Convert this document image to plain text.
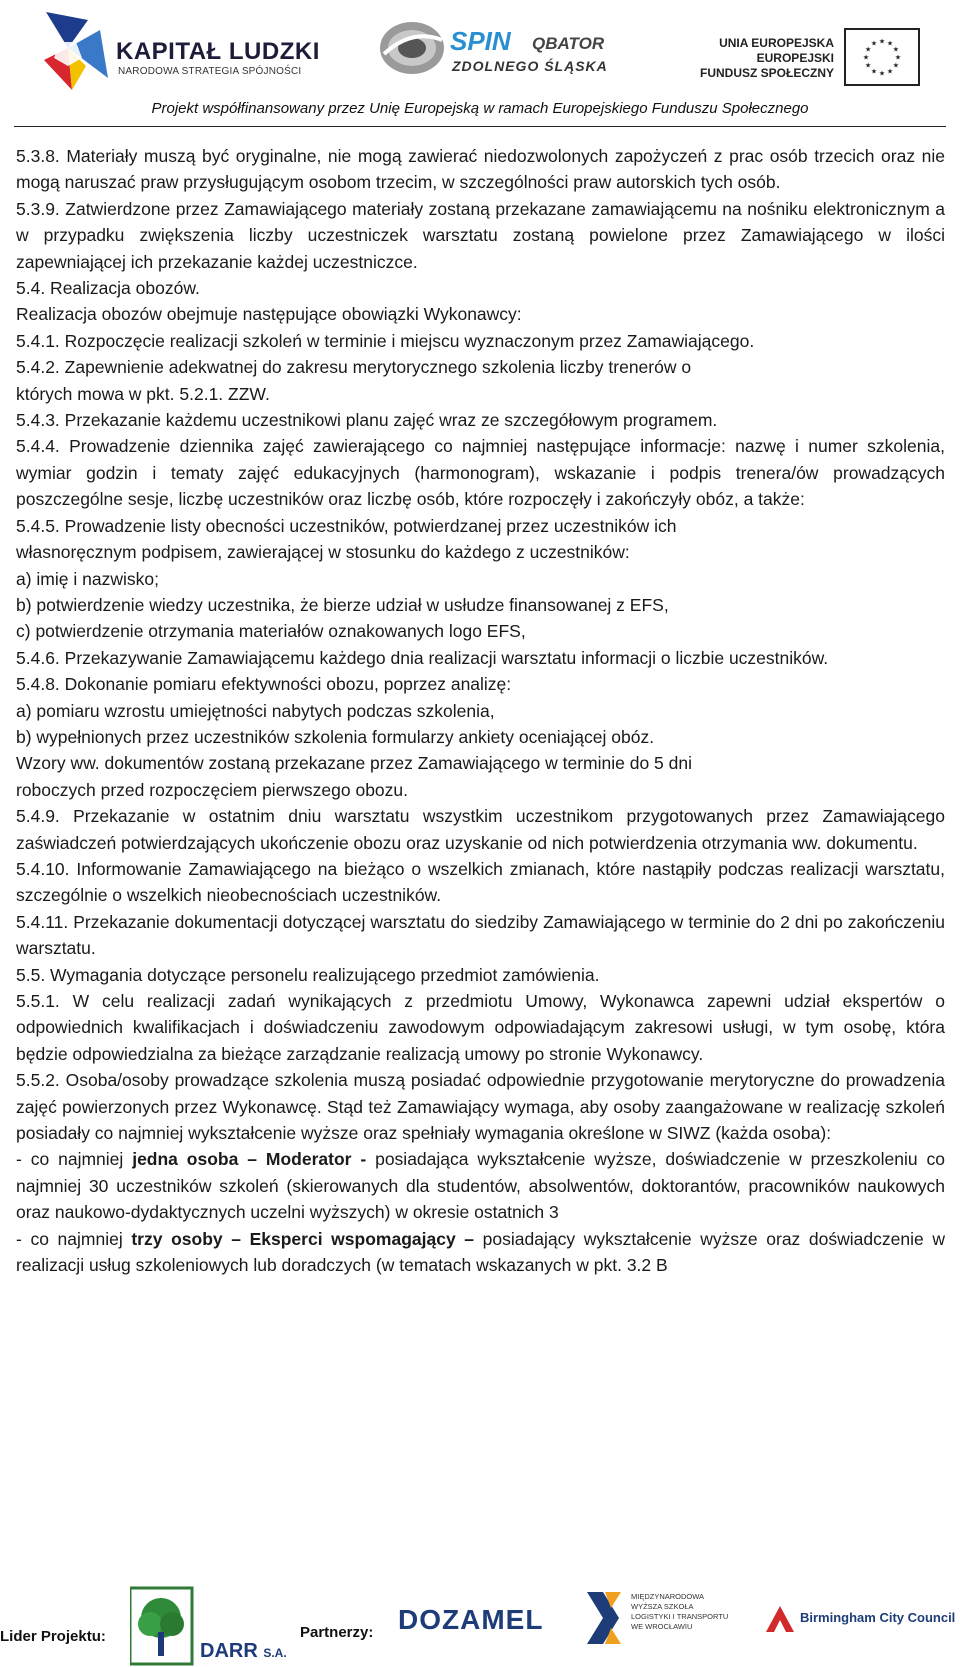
KAPITAŁ LUDZKI
NARODOWA STRATEGIA SPÓJNOŚCI
SPIN QBATOR
ZDOLNEGO ŚLĄSKA
UNIA EUROPEJSKA
EUROPEJSKI
FUNDUSZ SPOŁECZNY
★
★
★
★
★
★
★
★
★ ★ ★
★
Projekt współfinansowany przez Unię Europejską w ramach Europejskiego Funduszu Społecznego

5.3.8. Materiały muszą być oryginalne, nie mogą zawierać niedozwolonych zapożyczeń z prac osób trzecich oraz nie mogą naruszać praw przysługującym osobom trzecim, w szczególności praw autorskich tych osób.

5.3.9. Zatwierdzone przez Zamawiającego materiały zostaną przekazane zamawiającemu na nośniku elektronicznym a w przypadku zwiększenia liczby uczestniczek warsztatu zostaną powielone przez Zamawiającego w ilości zapewniającej ich przekazanie każdej uczestniczce.

5.4. Realizacja obozów.

Realizacja obozów obejmuje następujące obowiązki Wykonawcy:

5.4.1. Rozpoczęcie realizacji szkoleń w terminie i miejscu wyznaczonym przez Zamawiającego.

5.4.2. Zapewnienie adekwatnej do zakresu merytorycznego szkolenia liczby trenerów o

których mowa w pkt. 5.2.1. ZZW.

5.4.3. Przekazanie każdemu uczestnikowi planu zajęć wraz ze szczegółowym programem.

5.4.4. Prowadzenie dziennika zajęć zawierającego co najmniej następujące informacje: nazwę i numer szkolenia, wymiar godzin i tematy zajęć edukacyjnych (harmonogram), wskazanie i podpis trenera/ów prowadzących poszczególne sesje, liczbę uczestników oraz liczbę osób, które rozpoczęły i zakończyły obóz, a także:

5.4.5. Prowadzenie listy obecności uczestników, potwierdzanej przez uczestników ich

własnoręcznym podpisem, zawierającej w stosunku do każdego z uczestników:

a) imię i nazwisko;

b) potwierdzenie wiedzy uczestnika, że bierze udział w usłudze finansowanej z EFS,

c) potwierdzenie otrzymania materiałów oznakowanych logo EFS,

5.4.6. Przekazywanie Zamawiającemu każdego dnia realizacji warsztatu informacji o liczbie uczestników.

5.4.8. Dokonanie pomiaru efektywności obozu, poprzez analizę:

a) pomiaru wzrostu umiejętności nabytych podczas szkolenia,

b) wypełnionych przez uczestników szkolenia formularzy ankiety oceniającej obóz.

Wzory ww. dokumentów zostaną przekazane przez Zamawiającego w terminie do 5 dni

roboczych przed rozpoczęciem pierwszego obozu.

5.4.9. Przekazanie w ostatnim dniu warsztatu wszystkim uczestnikom przygotowanych przez Zamawiającego zaświadczeń potwierdzających ukończenie obozu oraz uzyskanie od nich potwierdzenia otrzymania ww. dokumentu.

5.4.10. Informowanie Zamawiającego na bieżąco o wszelkich zmianach, które nastąpiły podczas realizacji warsztatu, szczególnie o wszelkich nieobecnościach uczestników.

5.4.11. Przekazanie dokumentacji dotyczącej warsztatu do siedziby Zamawiającego w terminie do 2 dni po zakończeniu warsztatu.

5.5. Wymagania dotyczące personelu realizującego przedmiot zamówienia.

5.5.1. W celu realizacji zadań wynikających z przedmiotu Umowy, Wykonawca zapewni udział ekspertów o odpowiednich kwalifikacjach i doświadczeniu zawodowym odpowiadającym zakresowi usługi, w tym osobę, która będzie odpowiedzialna za bieżące zarządzanie realizacją umowy po stronie Wykonawcy.

5.5.2. Osoba/osoby prowadzące szkolenia muszą posiadać odpowiednie przygotowanie merytoryczne do prowadzenia zajęć powierzonych przez Wykonawcę. Stąd też Zamawiający wymaga, aby osoby zaangażowane w realizację szkoleń posiadały co najmniej wykształcenie wyższe oraz spełniały wymagania określone w SIWZ (każda osoba):

- co najmniej jedna osoba – Moderator - posiadająca wykształcenie wyższe, doświadczenie w przeszkoleniu co najmniej 30 uczestników szkoleń (skierowanych dla studentów, absolwentów, doktorantów, pracowników naukowych oraz naukowo-dydaktycznych uczelni wyższych) w okresie ostatnich 3

- co najmniej trzy osoby – Eksperci wspomagający – posiadający wykształcenie wyższe oraz doświadczenie w realizacji usług szkoleniowych lub doradczych (w tematach wskazanych w pkt. 3.2 B

Lider Projektu:
DARR S.A.
Partnerzy: DOZAMEL
MIĘDZYNARODOWA
WYŻSZA SZKOŁA
LOGISTYKI I TRANSPORTU
WE WROCŁAWIU
Birmingham City Council
